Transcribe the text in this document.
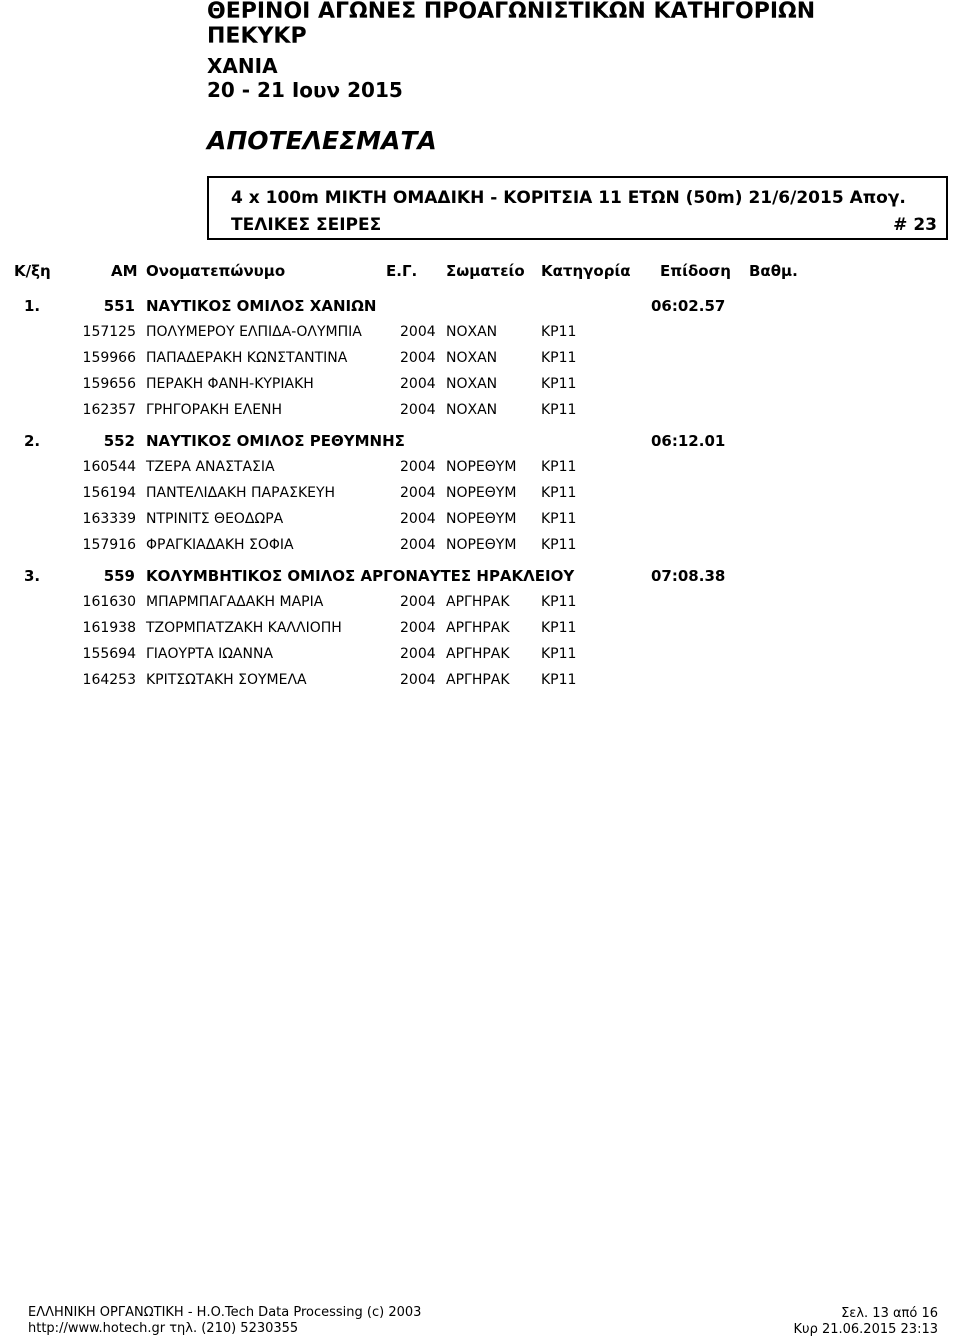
ΘΕΡΙΝΟΙ ΑΓΩΝΕΣ ΠΡΟΑΓΩΝΙΣΤΙΚΩΝ ΚΑΤΗΓΟΡΙΩΝ
ΠΕΚΥΚΡ
ΧΑΝΙΑ
20 - 21 Ιουν 2015
ΑΠΟΤΕΛΕΣΜΑΤΑ
4 x 100m ΜΙΚΤΗ ΟΜΑΔΙΚΗ - ΚΟΡΙΤΣΙΑ 11 ΕΤΩΝ (50m) 21/6/2015 Απογ.
ΤΕΛΙΚΕΣ ΣΕΙΡΕΣ	# 23
Κ/ξη	ΑΜ Ονοματεπώνυμο	Ε.Γ. Σωματείο Κατηγορία Επίδοση Βαθμ.
1.	551 ΝΑΥΤΙΚΟΣ ΟΜΙΛΟΣ ΧΑΝΙΩΝ	06:02.57
157125 ΠΟΛΥΜΕΡΟΥ ΕΛΠΙΔΑ-ΟΛΥΜΠΙΑ	2004 ΝΟΧΑΝ	ΚΡ11
159966 ΠΑΠΑΔΕΡΑΚΗ ΚΩΝΣΤΑΝΤΙΝΑ	2004 ΝΟΧΑΝ	ΚΡ11
159656 ΠΕΡΑΚΗ ΦΑΝΗ-ΚΥΡΙΑΚΗ	2004 ΝΟΧΑΝ	ΚΡ11
162357 ΓΡΗΓΟΡΑΚΗ ΕΛΕΝΗ	2004 ΝΟΧΑΝ	ΚΡ11
2.	552 ΝΑΥΤΙΚΟΣ ΟΜΙΛΟΣ ΡΕΘΥΜΝΗΣ	06:12.01
160544 ΤΖΕΡΑ ΑΝΑΣΤΑΣΙΑ	2004 ΝΟΡΕΘΥΜ ΚΡ11
156194 ΠΑΝΤΕΛΙΔΑΚΗ ΠΑΡΑΣΚΕΥΗ	2004 ΝΟΡΕΘΥΜ ΚΡ11
163339 ΝΤΡΙΝΙΤΣ ΘΕΟΔΩΡΑ	2004 ΝΟΡΕΘΥΜ ΚΡ11
157916 ΦΡΑΓΚΙΑΔΑΚΗ ΣΟΦΙΑ	2004 ΝΟΡΕΘΥΜ ΚΡ11
3.	559 ΚΟΛΥΜΒΗΤΙΚΟΣ ΟΜΙΛΟΣ ΑΡΓΟΝΑΥΤΕΣ ΗΡΑΚΛΕΙΟΥ	07:08.38
161630 ΜΠΑΡΜΠΑΓΑΔΑΚΗ ΜΑΡΙΑ	2004 ΑΡΓΗΡΑΚ ΚΡ11
161938 ΤΖΟΡΜΠΑΤΖΑΚΗ ΚΑΛΛΙΟΠΗ	2004 ΑΡΓΗΡΑΚ ΚΡ11
155694 ΓΙΑΟΥΡΤΑ ΙΩΑΝΝΑ	2004 ΑΡΓΗΡΑΚ ΚΡ11
164253 ΚΡΙΤΣΩΤΑΚΗ ΣΟΥΜΕΛΑ	2004 ΑΡΓΗΡΑΚ ΚΡ11
ΕΛΛΗΝΙΚΗ ΟΡΓΑΝΩΤΙΚΗ - Η.Ο.Tech Data Processing (c) 2003
http://www.hotech.gr τηλ. (210) 5230355
Σελ. 13 από 16
Κυρ 21.06.2015 23:13
